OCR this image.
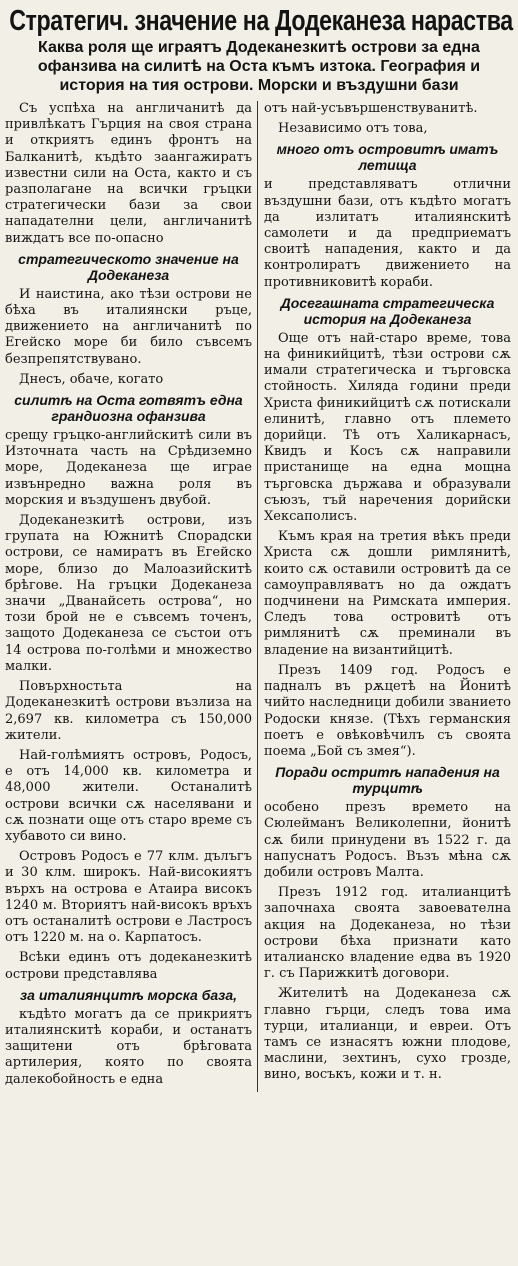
Стратегич. значение на Додеканеза нараства
Каква роля ще играятъ Додеканезкитѣ острови за една офанзива на силитѣ на Оста къмъ изтока. География и история на тия острови. Морски и въздушни бази

Съ успѣха на англичанитѣ да привлѣкатъ Гърция на своя страна и откриятъ единъ фронтъ на Балканитѣ, къдѣто заангажиратъ известни сили на Оста, както и съ разполагане на всички гръцки стратегически бази за свои нападателни цели, англичанитѣ виждатъ все по-опасно

стратегическото значение на Додеканеза

И наистина, ако тѣзи острови не бѣха въ италиянски ръце, движението на англичанитѣ по Егейско море би било съвсемъ безпрепятствувано.

Днесъ, обаче, когато

силитѣ на Оста готвятъ една грандиозна офанзива

срещу гръцко-английскитѣ сили въ Източната часть на Срѣдиземно море, Додеканеза ще играе извънредно важна роля въ морския и въздушенъ двубой.

Додеканезкитѣ острови, изъ групата на Южнитѣ Спорадски острови, се намиратъ въ Егейско море, близо до Малоазийскитѣ брѣгове. На гръцки Додеканеза значи „Дванайсеть острова“, но този брой не е съвсемъ точенъ, защото Додеканеза се състои отъ 14 острова по-голѣми и множество малки.

Повърхностьта на Додеканезкитѣ острови възлиза на 2,697 кв. километра съ 150,000 жители.

Най-голѣмиятъ островъ, Родосъ, е отъ 14,000 кв. километра и 48,000 жители. Останалитѣ острови всички сѫ населявани и сѫ познати още отъ старо време съ хубавото си вино.

Островъ Родосъ е 77 клм. дълъгъ и 30 клм. широкъ. Най-високиятъ върхъ на острова е Атаира високъ 1240 м. Вториятъ най-високъ връхъ отъ останалитѣ острови е Ластросъ отъ 1220 м. на о. Карпатосъ.

Всѣки единъ отъ додеканезкитѣ острови представлява

за италиянцитѣ морска база,

къдѣто могатъ да се прикриятъ италиянскитѣ кораби, и останатъ защитени отъ брѣговата артилерия, която по своята далекобойность е една

отъ най-усъвършенствуванитѣ.

Независимо отъ това,

много отъ островитѣ иматъ летища

и представляватъ отлични въздушни бази, отъ къдѣто могатъ да излитатъ италиянскитѣ самолети и да предприематъ своитѣ нападения, както и да контролиратъ движението на противниковитѣ кораби.

Досегашната стратегическа история на Додеканеза

Още отъ най-старо време, това на финикийцитѣ, тѣзи острови сѫ имали стратегическа и търговска стойность. Хиляда години преди Христа финикийцитѣ сѫ потискали елинитѣ, главно отъ племето дорийци. Тѣ отъ Халикарнасъ, Квидъ и Косъ сѫ направили пристанище на една мощна търговска държава и образували съюзъ, тъй наречения дорийски Хексаполисъ.

Къмъ края на третия вѣкъ преди Христа сѫ дошли римлянитѣ, които сѫ оставили островитѣ да се самоуправляватъ но да ождатъ подчинени на Римската империя. Следъ това островитѣ отъ римлянитѣ сѫ преминали въ владение на византийцитѣ.

Презъ 1409 год. Родосъ е падналъ въ рѫцетѣ на Йонитѣ чийто наследници добили званието Родоски князе. (Тѣхъ германския поетъ е овѣковѣчилъ съ своята поема „Бой съ змея“).

Поради остритѣ нападения на турцитѣ

особено презъ времето на Сюлейманъ Великолепни, йонитѣ сѫ били принудени въ 1522 г. да напуснатъ Родосъ. Възъ мѣна сѫ добили островъ Малта.

Презъ 1912 год. италианцитѣ започнаха своята завоевателна акция на Додеканеза, но тѣзи острови бѣха признати като италианско владение едва въ 1920 г. съ Парижкитѣ договори.

Жителитѣ на Додеканеза сѫ главно гърци, следъ това има турци, италианци, и евреи. Отъ тамъ се изнасятъ южни плодове, маслини, зехтинъ, сухо грозде, вино, восъкъ, кожи и т. н.
